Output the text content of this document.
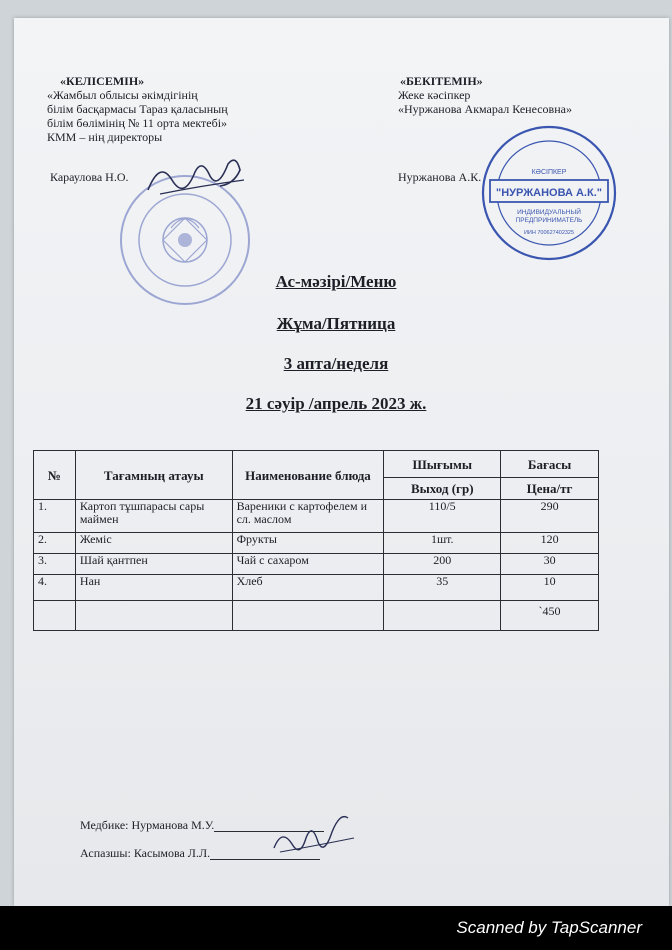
«КЕЛІСЕМІН»
«Жамбыл облысы әкімдігінің
білім басқармасы Тараз қаласының
білім бөлімінің № 11 орта мектебі»
КММ – нің директоры
Караулова Н.О.
«БЕКІТЕМІН»
Жеке кәсіпкер
«Нуржанова Акмарал Кенесовна»
Нуржанова А.К.	КӘСІПКЕР
"НУРЖАНОВА А.К."
ИНДИВИДУАЛЬНЫЙ
ПРЕДПРИНИМАТЕЛЬ
ИИН 700627402325
Ас-мәзірі/Меню
Жұма/Пятница
3 апта/неделя
21 сәуір /апрель 2023 ж.
№	Тағамның атауы	Наименование блюда	Шығымы	Бағасы
			Выход (гр)	Цена/тг
1.	Картоп тұшпарасы сары маймен	Вареники с картофелем и сл. маслом	110/5	290
2.	Жеміс	Фрукты	1шт.	120
3.	Шай қантпен	Чай с сахаром	200	30
4.	Нан	Хлеб	35	10
				`450
Медбике: Нурманова М.У.
Аспазшы: Касымова Л.Л.
Scanned by TapScanner
